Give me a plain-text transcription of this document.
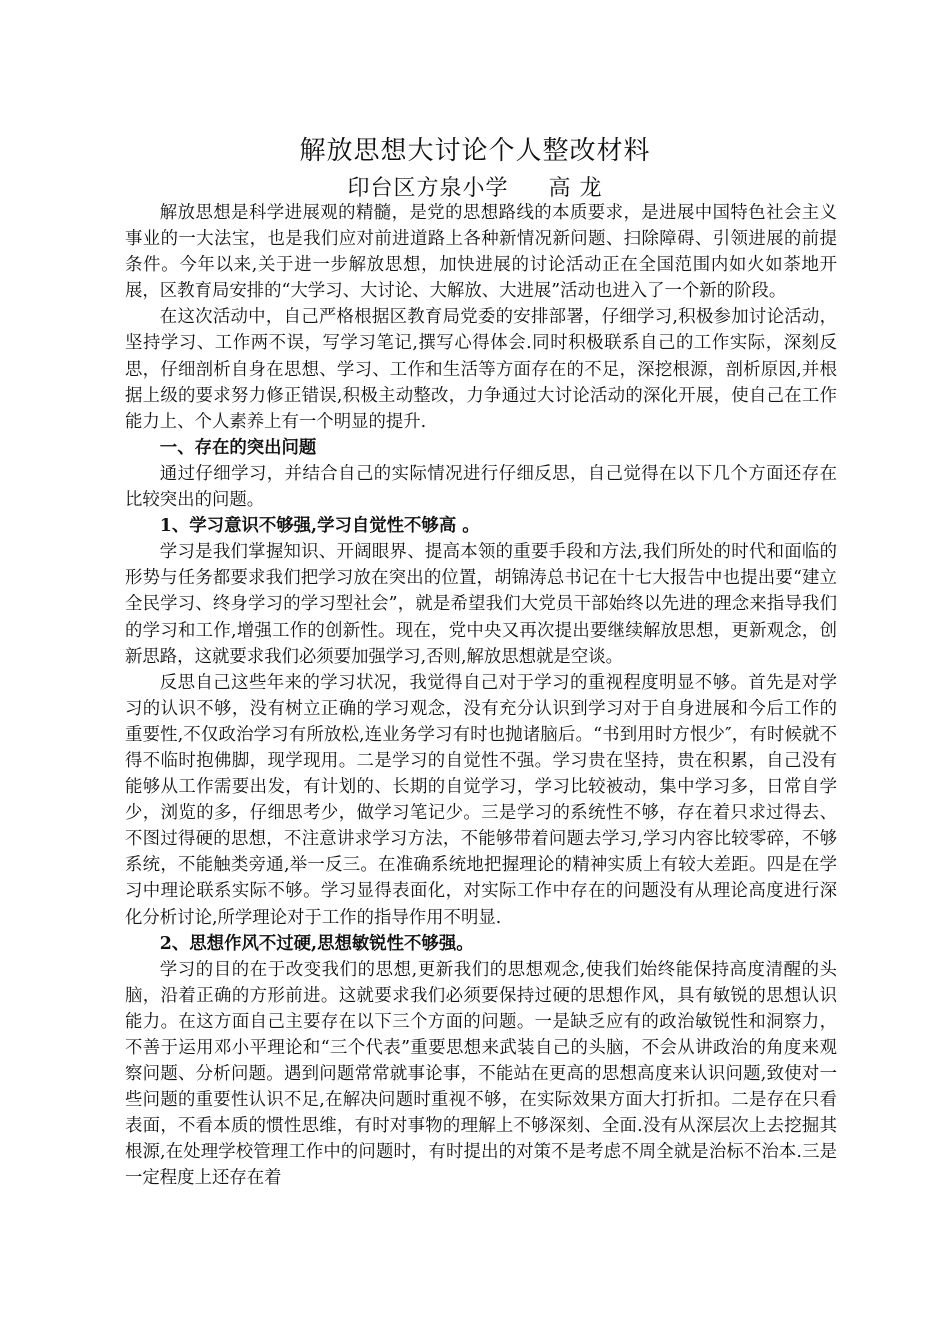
解放思想大讨论个人整改材料
印台区方泉小学 高 龙

解放思想是科学进展观的精髓，是党的思想路线的本质要求，是进展中国特色社会主义事业的一大法宝，也是我们应对前进道路上各种新情况新问题、扫除障碍、引领进展的前提条件。今年以来,关于进一步解放思想，加快进展的讨论活动正在全国范围内如火如荼地开展，区教育局安排的“大学习、大讨论、大解放、大进展”活动也进入了一个新的阶段。

在这次活动中，自己严格根据区教育局党委的安排部署，仔细学习,积极参加讨论活动，坚持学习、工作两不误，写学习笔记,撰写心得体会.同时积极联系自己的工作实际，深刻反思，仔细剖析自身在思想、学习、工作和生活等方面存在的不足，深挖根源，剖析原因,并根据上级的要求努力修正错误,积极主动整改，力争通过大讨论活动的深化开展，使自己在工作能力上、个人素养上有一个明显的提升.

一、存在的突出问题

通过仔细学习，并结合自己的实际情况进行仔细反思，自己觉得在以下几个方面还存在比较突出的问题。

1、学习意识不够强,学习自觉性不够高 。

学习是我们掌握知识、开阔眼界、提高本领的重要手段和方法,我们所处的时代和面临的形势与任务都要求我们把学习放在突出的位置，胡锦涛总书记在十七大报告中也提出要“建立全民学习、终身学习的学习型社会”，就是希望我们大党员干部始终以先进的理念来指导我们的学习和工作,增强工作的创新性。现在，党中央又再次提出要继续解放思想，更新观念，创新思路，这就要求我们必须要加强学习,否则,解放思想就是空谈。

反思自己这些年来的学习状况，我觉得自己对于学习的重视程度明显不够。首先是对学习的认识不够，没有树立正确的学习观念，没有充分认识到学习对于自身进展和今后工作的重要性,不仅政治学习有所放松,连业务学习有时也抛诸脑后。“书到用时方恨少″，有时候就不得不临时抱佛脚，现学现用。二是学习的自觉性不强。学习贵在坚持，贵在积累，自己没有能够从工作需要出发，有计划的、长期的自觉学习，学习比较被动，集中学习多，日常自学少，浏览的多，仔细思考少，做学习笔记少。三是学习的系统性不够，存在着只求过得去、不图过得硬的思想，不注意讲求学习方法，不能够带着问题去学习,学习内容比较零碎，不够系统，不能触类旁通,举一反三。在准确系统地把握理论的精神实质上有较大差距。四是在学习中理论联系实际不够。学习显得表面化，对实际工作中存在的问题没有从理论高度进行深化分析讨论,所学理论对于工作的指导作用不明显.

2、思想作风不过硬,思想敏锐性不够强。

学习的目的在于改变我们的思想,更新我们的思想观念,使我们始终能保持高度清醒的头脑，沿着正确的方形前进。这就要求我们必须要保持过硬的思想作风，具有敏锐的思想认识能力。在这方面自己主要存在以下三个方面的问题。一是缺乏应有的政治敏锐性和洞察力，不善于运用邓小平理论和“三个代表”重要思想来武装自己的头脑，不会从讲政治的角度来观察问题、分析问题。遇到问题常常就事论事，不能站在更高的思想高度来认识问题,致使对一些问题的重要性认识不足,在解决问题时重视不够，在实际效果方面大打折扣。二是存在只看表面，不看本质的惯性思维，有时对事物的理解上不够深刻、全面.没有从深层次上去挖掘其根源,在处理学校管理工作中的问题时，有时提出的对策不是考虑不周全就是治标不治本.三是一定程度上还存在着
